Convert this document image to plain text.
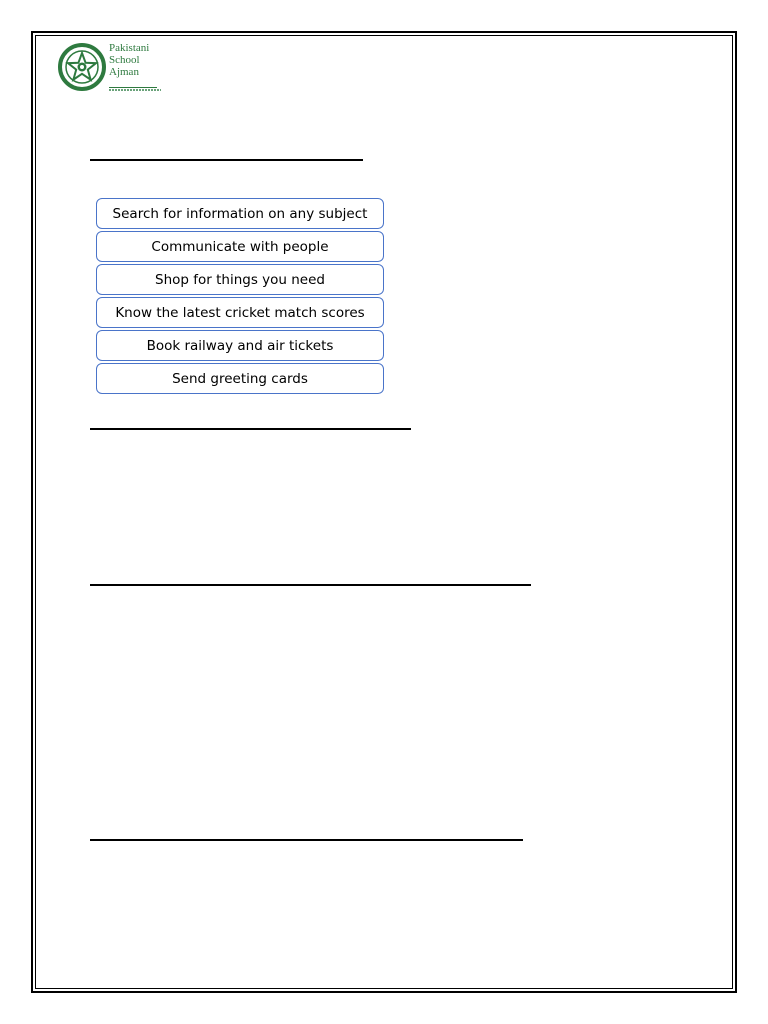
Pakistani
School
Ajman
Search for information on any subject
Communicate with people
Shop for things you need
Know the latest cricket match scores
Book railway and air tickets
Send greeting cards
